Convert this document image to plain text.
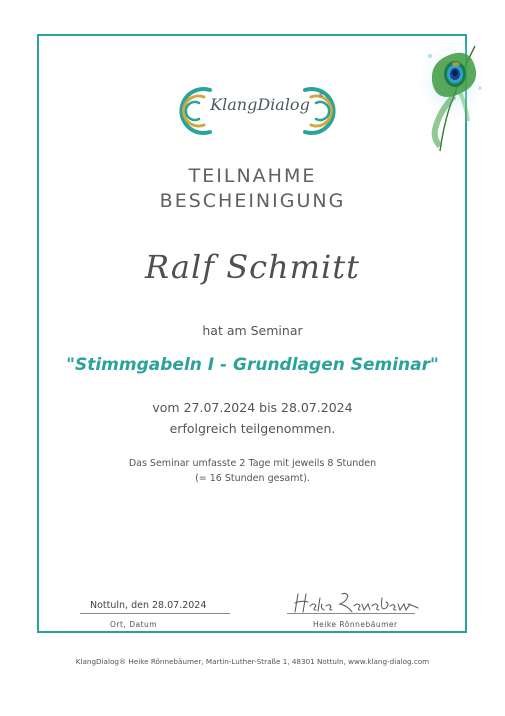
KlangDialog	®
TEILNAHME
BESCHEINIGUNG
Ralf Schmitt
hat am Seminar
"Stimmgabeln I - Grundlagen Seminar"
vom 27.07.2024 bis 28.07.2024
erfolgreich teilgenommen.
Das Seminar umfasste 2 Tage mit jeweils 8 Stunden
(= 16 Stunden gesamt).
Nottuln, den 28.07.2024
Ort, Datum	Heike Rönnebäumer
KlangDialog® Heike Rönnebäumer, Martin-Luther-Straße 1, 48301 Nottuln, www.klang-dialog.com
